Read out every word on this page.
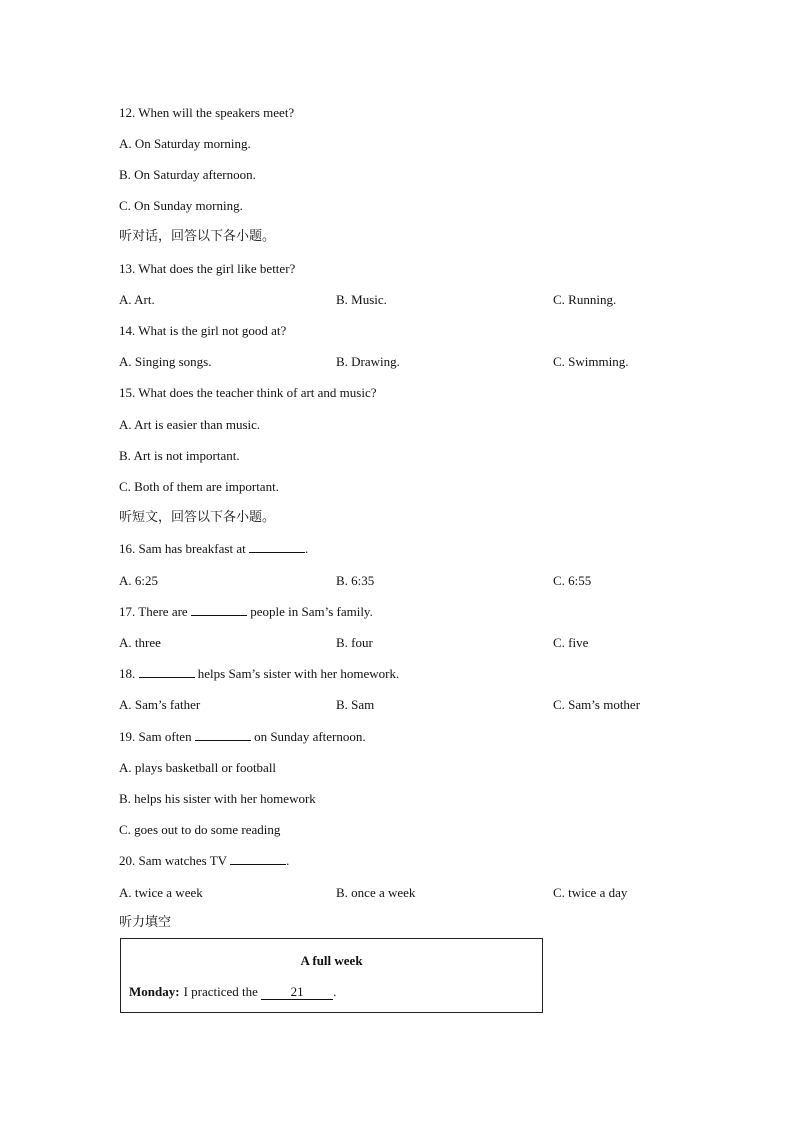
12. When will the speakers meet?
A. On Saturday morning.
B. On Saturday afternoon.
C. On Sunday morning.
听对话，回答以下各小题。
13. What does the girl like better?
A. Art.	B. Music.	C. Running.
14. What is the girl not good at?
A. Singing songs.	B. Drawing.	C. Swimming.
15. What does the teacher think of art and music?
A. Art is easier than music.
B. Art is not important.
C. Both of them are important.
听短文，回答以下各小题。
16. Sam has breakfast at	.
A. 6:25	B. 6:35	C. 6:55
17. There are	people in Sam’s family.
A. three	B. four	C. five
18.	helps Sam’s sister with her homework.
A. Sam’s father	B. Sam	C. Sam’s mother
19. Sam often	on Sunday afternoon.
A. plays basketball or football
B. helps his sister with her homework
C. goes out to do some reading
20. Sam watches TV	.
A. twice a week	B. once a week	C. twice a day
听力填空
A full week
Monday: I practiced the 21 .
